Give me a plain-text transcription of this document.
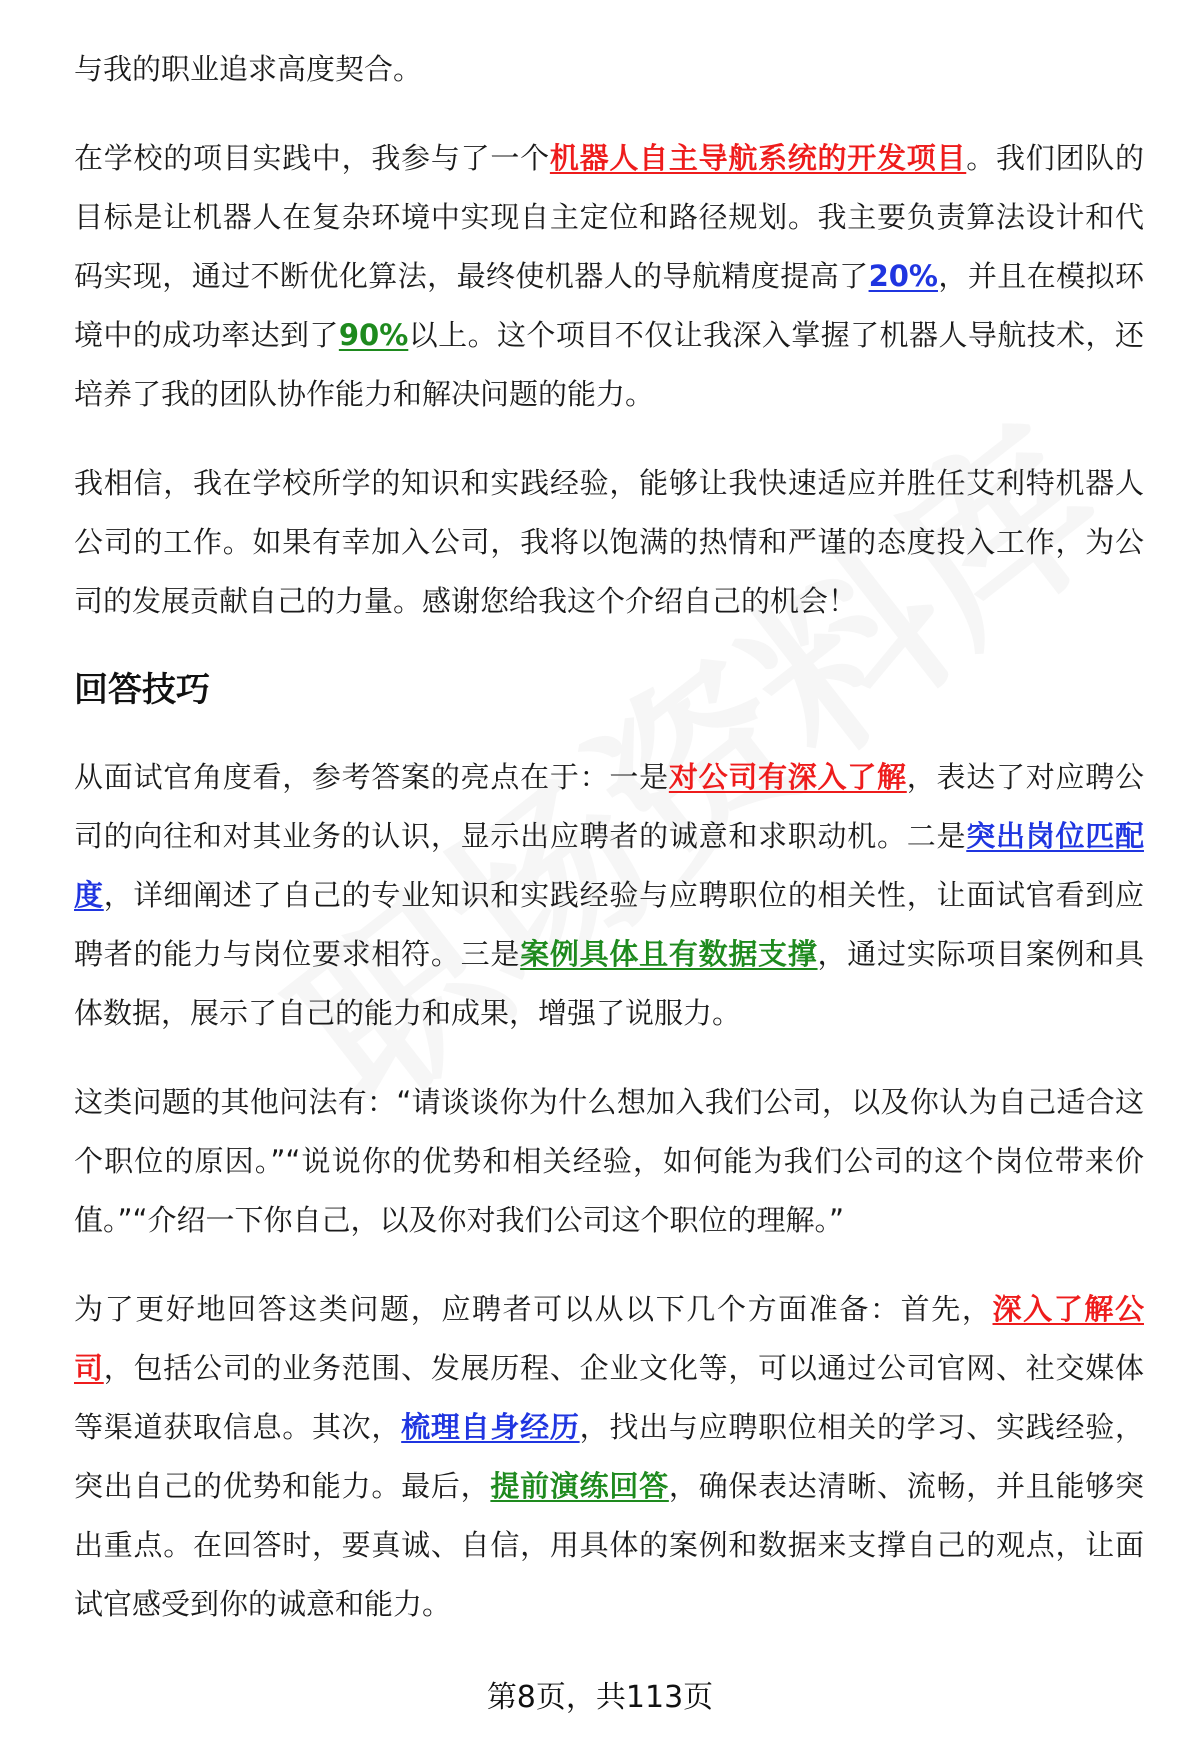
与我的职业追求高度契合。

在学校的项目实践中，我参与了一个机器人自主导航系统的开发项目。我们团队的目标是让机器人在复杂环境中实现自主定位和路径规划。我主要负责算法设计和代码实现，通过不断优化算法，最终使机器人的导航精度提高了20%，并且在模拟环境中的成功率达到了90%以上。这个项目不仅让我深入掌握了机器人导航技术，还培养了我的团队协作能力和解决问题的能力。

我相信，我在学校所学的知识和实践经验，能够让我快速适应并胜任艾利特机器人公司的工作。如果有幸加入公司，我将以饱满的热情和严谨的态度投入工作，为公司的发展贡献自己的力量。感谢您给我这个介绍自己的机会！

回答技巧

从面试官角度看，参考答案的亮点在于：一是对公司有深入了解，表达了对应聘公司的向往和对其业务的认识，显示出应聘者的诚意和求职动机。二是突出岗位匹配度，详细阐述了自己的专业知识和实践经验与应聘职位的相关性，让面试官看到应聘者的能力与岗位要求相符。三是案例具体且有数据支撑，通过实际项目案例和具体数据，展示了自己的能力和成果，增强了说服力。

这类问题的其他问法有：“请谈谈你为什么想加入我们公司，以及你认为自己适合这个职位的原因。”“说说你的优势和相关经验，如何能为我们公司的这个岗位带来价值。”“介绍一下你自己，以及你对我们公司这个职位的理解。”

为了更好地回答这类问题，应聘者可以从以下几个方面准备：首先，深入了解公司，包括公司的业务范围、发展历程、企业文化等，可以通过公司官网、社交媒体等渠道获取信息。其次，梳理自身经历，找出与应聘职位相关的学习、实践经验，突出自己的优势和能力。最后，提前演练回答，确保表达清晰、流畅，并且能够突出重点。在回答时，要真诚、自信，用具体的案例和数据来支撑自己的观点，让面试官感受到你的诚意和能力。

第8页，共113页
